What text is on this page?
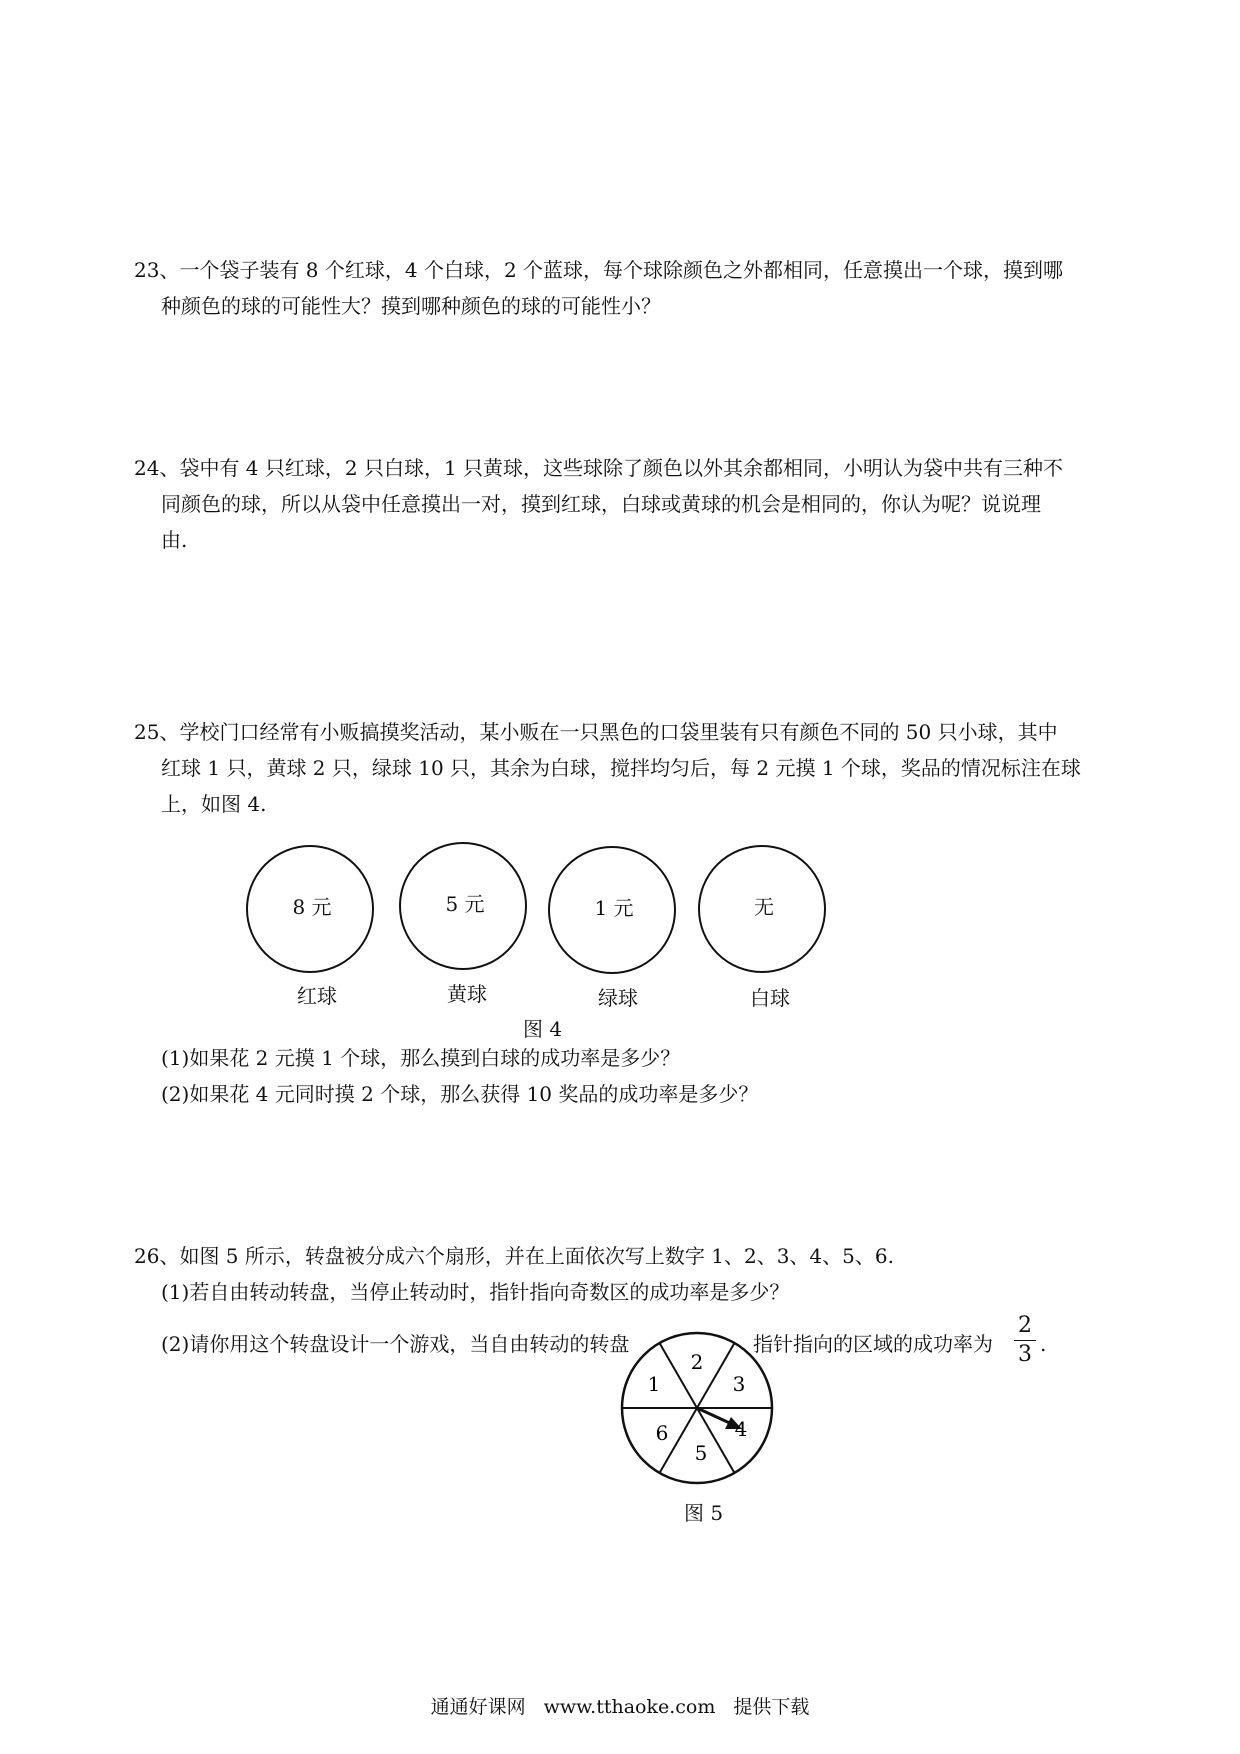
23、一个袋子装有 8 个红球，4 个白球，2 个蓝球，每个球除颜色之外都相同，任意摸出一个球，摸到哪
种颜色的球的可能性大？摸到哪种颜色的球的可能性小？
24、袋中有 4 只红球，2 只白球，1 只黄球，这些球除了颜色以外其余都相同，小明认为袋中共有三种不
同颜色的球，所以从袋中任意摸出一对，摸到红球，白球或黄球的机会是相同的，你认为呢？说说理
由.
25、学校门口经常有小贩搞摸奖活动，某小贩在一只黑色的口袋里装有只有颜色不同的 50 只小球，其中
红球 1 只，黄球 2 只，绿球 10 只，其余为白球，搅拌均匀后，每 2 元摸 1 个球，奖品的情况标注在球
上，如图 4.
8 元	5 元	1 元	无
红球	黄球	绿球	白球
图 4
(1)如果花 2 元摸 1 个球，那么摸到白球的成功率是多少？
(2)如果花 4 元同时摸 2 个球，那么获得 10 奖品的成功率是多少？
26、如图 5 所示，转盘被分成六个扇形，并在上面依次写上数字 1、2、3、4、5、6.
(1)若自由转动转盘，当停止转动时，指针指向奇数区的成功率是多少？
(2)请你用这个转盘设计一个游戏，当自由转动的转盘	指针指向的区域的成功率为 $\frac{2}{3}$ .
1
2
3
4
5
6
图 5
通通好课网 www.tthaoke.com 提供下载
